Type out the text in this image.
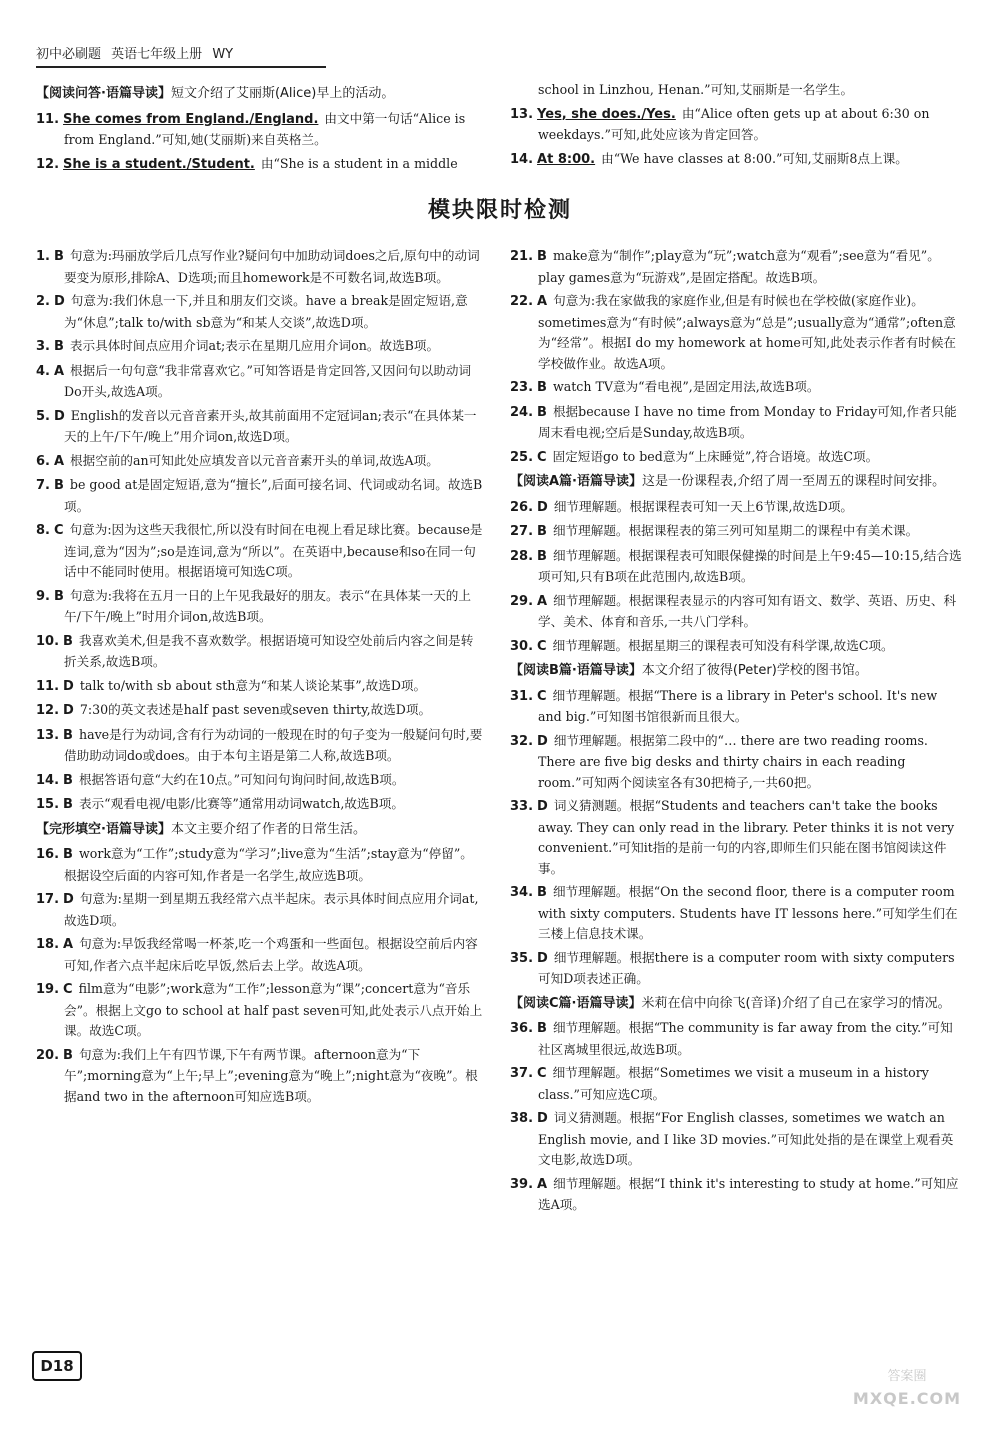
初中必刷题 英语七年级上册 WY
【阅读问答·语篇导读】短文介绍了艾丽斯(Alice)早上的活动。
11. She comes from England./England. 由文中第一句话“Alice is from England.”可知,她(艾丽斯)来自英格兰。
12. She is a student./Student. 由“She is a student in a middle
school in Linzhou, Henan.”可知,艾丽斯是一名学生。
13. Yes, she does./Yes. 由“Alice often gets up at about 6:30 on weekdays.”可知,此处应该为肯定回答。
14. At 8:00. 由“We have classes at 8:00.”可知,艾丽斯8点上课。
模块限时检测
1. B 句意为:玛丽放学后几点写作业?疑问句中加助动词does之后,原句中的动词要变为原形,排除A、D选项;而且homework是不可数名词,故选B项。
2. D 句意为:我们休息一下,并且和朋友们交谈。have a break是固定短语,意为“休息”;talk to/with sb意为“和某人交谈”,故选D项。
3. B 表示具体时间点应用介词at;表示在星期几应用介词on。故选B项。
4. A 根据后一句句意“我非常喜欢它。”可知答语是肯定回答,又因问句以助动词Do开头,故选A项。
5. D English的发音以元音音素开头,故其前面用不定冠词an;表示“在具体某一天的上午/下午/晚上”用介词on,故选D项。
6. A 根据空前的an可知此处应填发音以元音音素开头的单词,故选A项。
7. B be good at是固定短语,意为“擅长”,后面可接名词、代词或动名词。故选B项。
8. C 句意为:因为这些天我很忙,所以没有时间在电视上看足球比赛。because是连词,意为“因为”;so是连词,意为“所以”。在英语中,because和so在同一句话中不能同时使用。根据语境可知选C项。
9. B 句意为:我将在五月一日的上午见我最好的朋友。表示“在具体某一天的上午/下午/晚上”时用介词on,故选B项。
10. B 我喜欢美术,但是我不喜欢数学。根据语境可知设空处前后内容之间是转折关系,故选B项。
11. D talk to/with sb about sth意为“和某人谈论某事”,故选D项。
12. D 7:30的英文表述是half past seven或seven thirty,故选D项。
13. B have是行为动词,含有行为动词的一般现在时的句子变为一般疑问句时,要借助助动词do或does。由于本句主语是第二人称,故选B项。
14. B 根据答语句意“大约在10点。”可知问句询问时间,故选B项。
15. B 表示“观看电视/电影/比赛等”通常用动词watch,故选B项。
【完形填空·语篇导读】本文主要介绍了作者的日常生活。
16. B work意为“工作”;study意为“学习”;live意为“生活”;stay意为“停留”。根据设空后面的内容可知,作者是一名学生,故应选B项。
17. D 句意为:星期一到星期五我经常六点半起床。表示具体时间点应用介词at,故选D项。
18. A 句意为:早饭我经常喝一杯茶,吃一个鸡蛋和一些面包。根据设空前后内容可知,作者六点半起床后吃早饭,然后去上学。故选A项。
19. C film意为“电影”;work意为“工作”;lesson意为“课”;concert意为“音乐会”。根据上文go to school at half past seven可知,此处表示八点开始上课。故选C项。
20. B 句意为:我们上午有四节课,下午有两节课。afternoon意为“下午”;morning意为“上午;早上”;evening意为“晚上”;night意为“夜晚”。根据and two in the afternoon可知应选B项。
21. B make意为“制作”;play意为“玩”;watch意为“观看”;see意为“看见”。play games意为“玩游戏”,是固定搭配。故选B项。
22. A 句意为:我在家做我的家庭作业,但是有时候也在学校做(家庭作业)。sometimes意为“有时候”;always意为“总是”;usually意为“通常”;often意为“经常”。根据I do my homework at home可知,此处表示作者有时候在学校做作业。故选A项。
23. B watch TV意为“看电视”,是固定用法,故选B项。
24. B 根据because I have no time from Monday to Friday可知,作者只能周末看电视;空后是Sunday,故选B项。
25. C 固定短语go to bed意为“上床睡觉”,符合语境。故选C项。
【阅读A篇·语篇导读】这是一份课程表,介绍了周一至周五的课程时间安排。
26. D 细节理解题。根据课程表可知一天上6节课,故选D项。
27. B 细节理解题。根据课程表的第三列可知星期二的课程中有美术课。
28. B 细节理解题。根据课程表可知眼保健操的时间是上午9:45—10:15,结合选项可知,只有B项在此范围内,故选B项。
29. A 细节理解题。根据课程表显示的内容可知有语文、数学、英语、历史、科学、美术、体育和音乐,一共八门学科。
30. C 细节理解题。根据星期三的课程表可知没有科学课,故选C项。
【阅读B篇·语篇导读】本文介绍了彼得(Peter)学校的图书馆。
31. C 细节理解题。根据“There is a library in Peter's school. It's new and big.”可知图书馆很新而且很大。
32. D 细节理解题。根据第二段中的“… there are two reading rooms. There are five big desks and thirty chairs in each reading room.”可知两个阅读室各有30把椅子,一共60把。
33. D 词义猜测题。根据“Students and teachers can't take the books away. They can only read in the library. Peter thinks it is not very convenient.”可知it指的是前一句的内容,即师生们只能在图书馆阅读这件事。
34. B 细节理解题。根据“On the second floor, there is a computer room with sixty computers. Students have IT lessons here.”可知学生们在三楼上信息技术课。
35. D 细节理解题。根据there is a computer room with sixty computers可知D项表述正确。
【阅读C篇·语篇导读】米莉在信中向徐飞(音译)介绍了自己在家学习的情况。
36. B 细节理解题。根据“The community is far away from the city.”可知社区离城里很远,故选B项。
37. C 细节理解题。根据“Sometimes we visit a museum in a history class.”可知应选C项。
38. D 词义猜测题。根据“For English classes, sometimes we watch an English movie, and I like 3D movies.”可知此处指的是在课堂上观看英文电影,故选D项。
39. A 细节理解题。根据“I think it's interesting to study at home.”可知应选A项。
D18
答案圈
MXQE.COM
